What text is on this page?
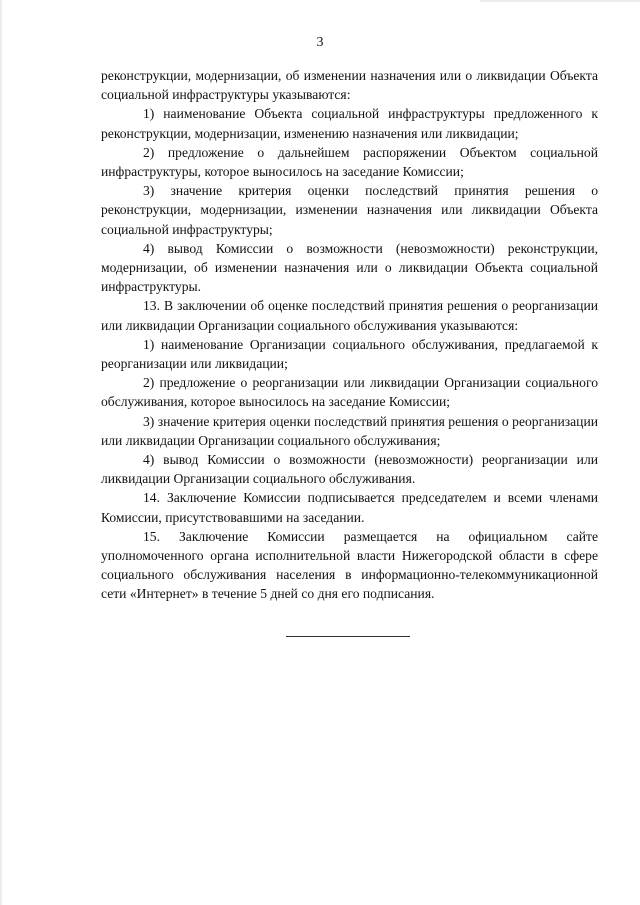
3

реконструкции, модернизации, об изменении назначения или о ликвидации Объекта социальной инфраструктуры указываются:

1) наименование Объекта социальной инфраструктуры предложенного к реконструкции, модернизации, изменению назначения или ликвидации;

2) предложение о дальнейшем распоряжении Объектом социальной инфраструктуры, которое выносилось на заседание Комиссии;

3) значение критерия оценки последствий принятия решения о реконструкции, модернизации, изменении назначения или ликвидации Объекта социальной инфраструктуры;

4) вывод Комиссии о возможности (невозможности) реконструкции, модернизации, об изменении назначения или о ликвидации Объекта социальной инфраструктуры.

13. В заключении об оценке последствий принятия решения о реорганизации или ликвидации Организации социального обслуживания указываются:

1) наименование Организации социального обслуживания, предлагаемой к реорганизации или ликвидации;

2) предложение о реорганизации или ликвидации Организации социального обслуживания, которое выносилось на заседание Комиссии;

3) значение критерия оценки последствий принятия решения о реорганизации или ликвидации Организации социального обслуживания;

4) вывод Комиссии о возможности (невозможности) реорганизации или ликвидации Организации социального обслуживания.

14. Заключение Комиссии подписывается председателем и всеми членами Комиссии, присутствовавшими на заседании.

15. Заключение Комиссии размещается на официальном сайте уполномоченного органа исполнительной власти Нижегородской области в сфере социального обслуживания населения в информационно-телекоммуникационной сети «Интернет» в течение 5 дней со дня его подписания.
